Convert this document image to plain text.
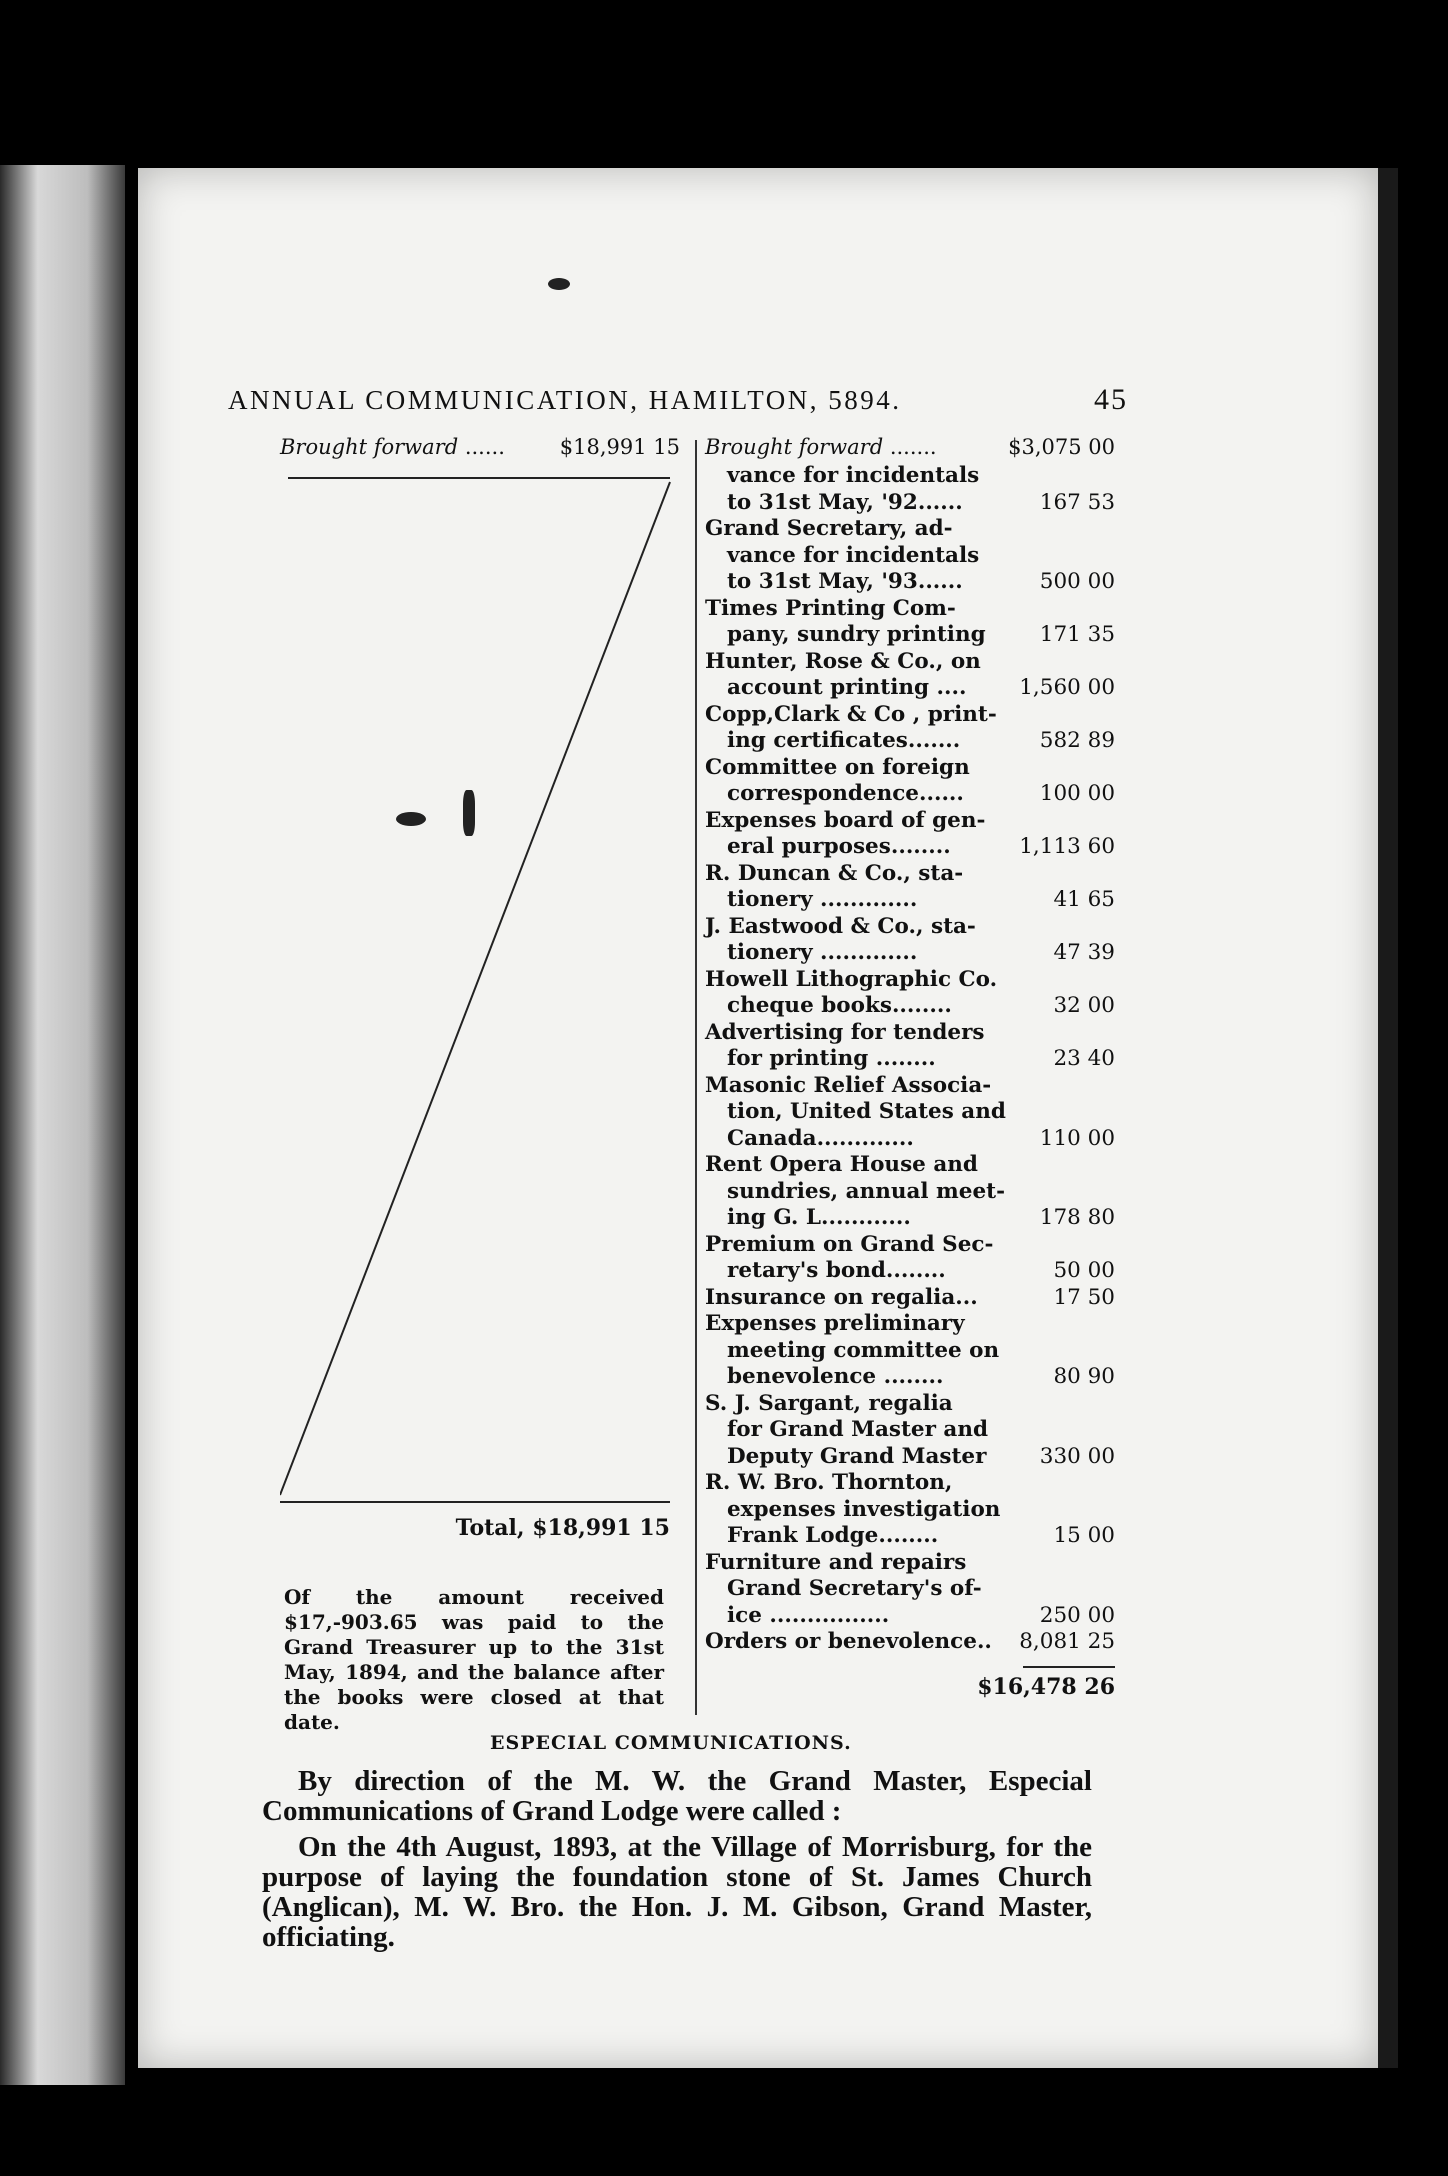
ANNUAL COMMUNICATION, HAMILTON, 5894.	45
Brought forward ......	$18,991 15
Total, $18,991 15
Of the amount received $17,-903.65 was paid to the Grand Treasurer up to the 31st May, 1894, and the balance after the books were closed at that date.
Brought forward .......	$3,075 00
vance for incidentals
to 31st May, '92......	167 53
Grand Secretary, ad-
vance for incidentals
to 31st May, '93......	500 00
Times Printing Com-
pany, sundry printing	171 35
Hunter, Rose & Co., on
account printing ....	1,560 00
Copp,Clark & Co , print-
ing certificates.......	582 89
Committee on foreign
correspondence......	100 00
Expenses board of gen-
eral purposes........	1,113 60
R. Duncan & Co., sta-
tionery .............	41 65
J. Eastwood & Co., sta-
tionery .............	47 39
Howell Lithographic Co.
cheque books........	32 00
Advertising for tenders
for printing ........	23 40
Masonic Relief Associa-
tion, United States and
Canada.............	110 00
Rent Opera House and
sundries, annual meet-
ing G. L............	178 80
Premium on Grand Sec-
retary's bond........	50 00
Insurance on regalia...	17 50
Expenses preliminary
meeting committee on
benevolence ........	80 90
S. J. Sargant, regalia
for Grand Master and
Deputy Grand Master	330 00
R. W. Bro. Thornton,
expenses investigation
Frank Lodge........	15 00
Furniture and repairs
Grand Secretary's of-
ice ................	250 00
Orders or benevolence..	8,081 25
$16,478 26
ESPECIAL COMMUNICATIONS.
By direction of the M. W. the Grand Master, Especial Communications of Grand Lodge were called :
On the 4th August, 1893, at the Village of Morrisburg, for the purpose of laying the foundation stone of St. James Church (Anglican), M. W. Bro. the Hon. J. M. Gibson, Grand Master, officiating.
